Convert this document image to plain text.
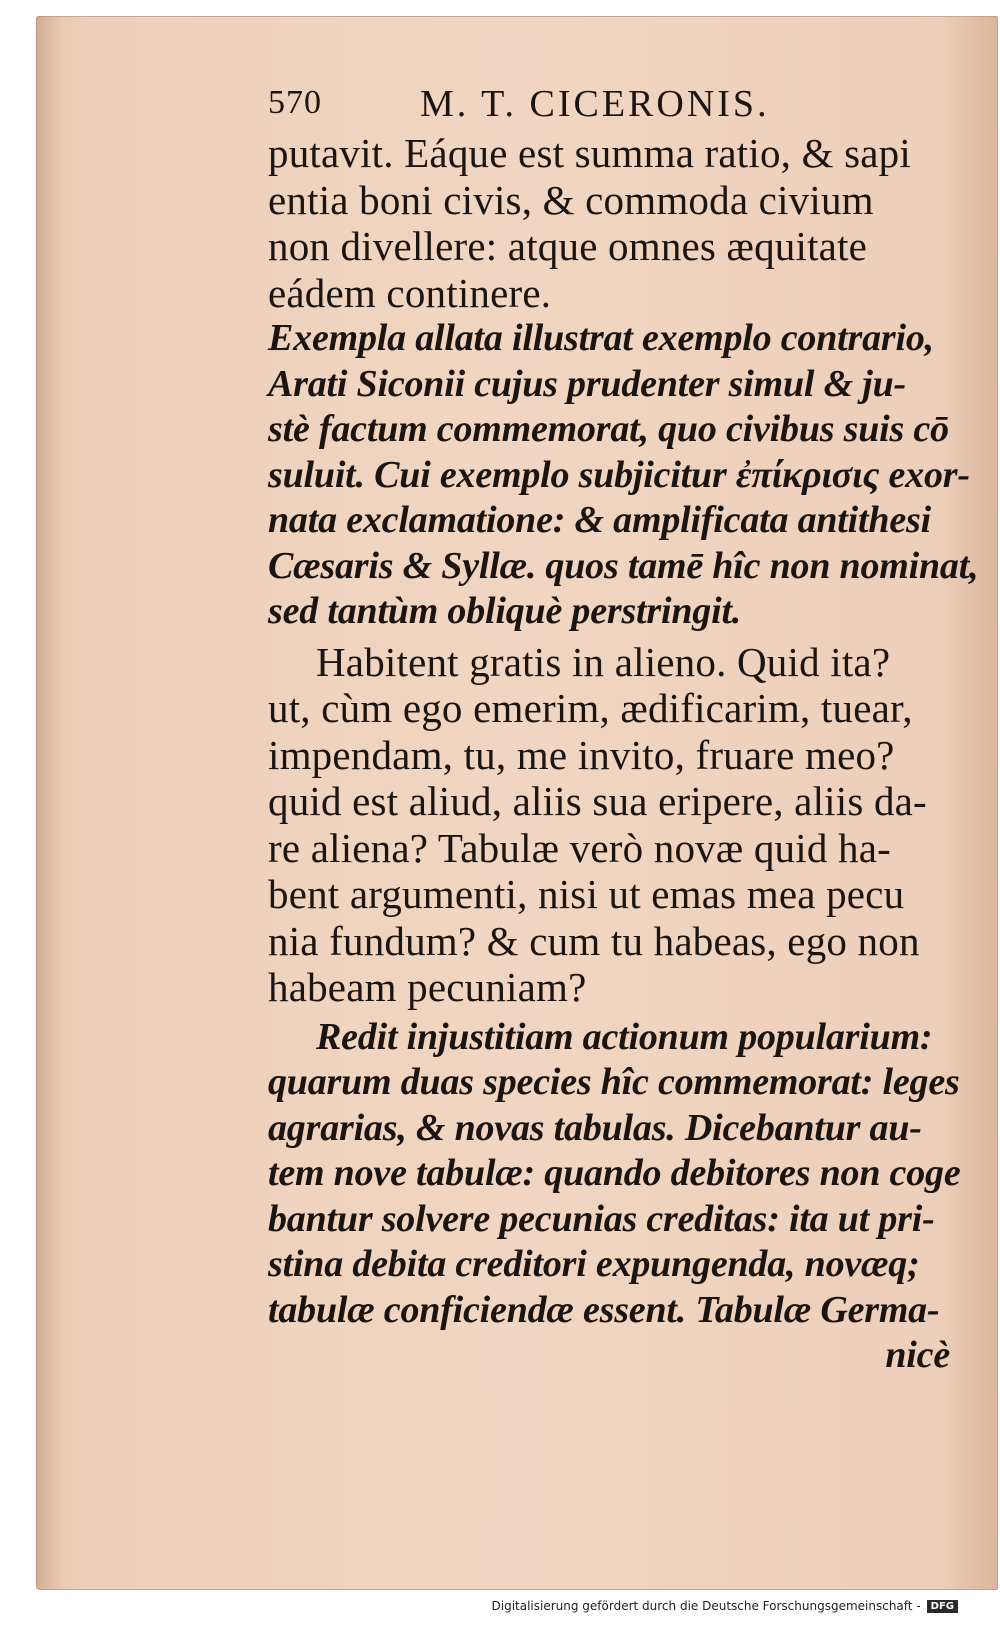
570	M. T. CICERONIS.
putavit. Eáque est summa ratio, & sapi
entia boni civis, & commoda civium
non divellere: atque omnes æquitate
eádem continere.
Exempla allata illustrat exemplo contrario,
Arati Siconii cujus prudenter simul & ju-
stè factum commemorat, quo civibus suis cō
suluit. Cui exemplo subjicitur ἐπίκρισις exor-
nata exclamatione: & amplificata antithesi
Cæsaris & Syllæ. quos tamē hîc non nominat,
sed tantùm obliquè perstringit.
Habitent gratis in alieno. Quid ita?
ut, cùm ego emerim, ædificarim, tuear,
impendam, tu, me invito, fruare meo?
quid est aliud, aliis sua eripere, aliis da-
re aliena? Tabulæ verò novæ quid ha-
bent argumenti, nisi ut emas mea pecu
nia fundum? & cum tu habeas, ego non
habeam pecuniam?
Redit injustitiam actionum popularium:
quarum duas species hîc commemorat: leges
agrarias, & novas tabulas. Dicebantur au-
tem nove tabulæ: quando debitores non coge
bantur solvere pecunias creditas: ita ut pri-
stina debita creditori expungenda, novæq;
tabulæ conficiendæ essent. Tabulæ Germa-
nicè
Digitalisierung gefördert durch die Deutsche Forschungsgemeinschaft - DFG
